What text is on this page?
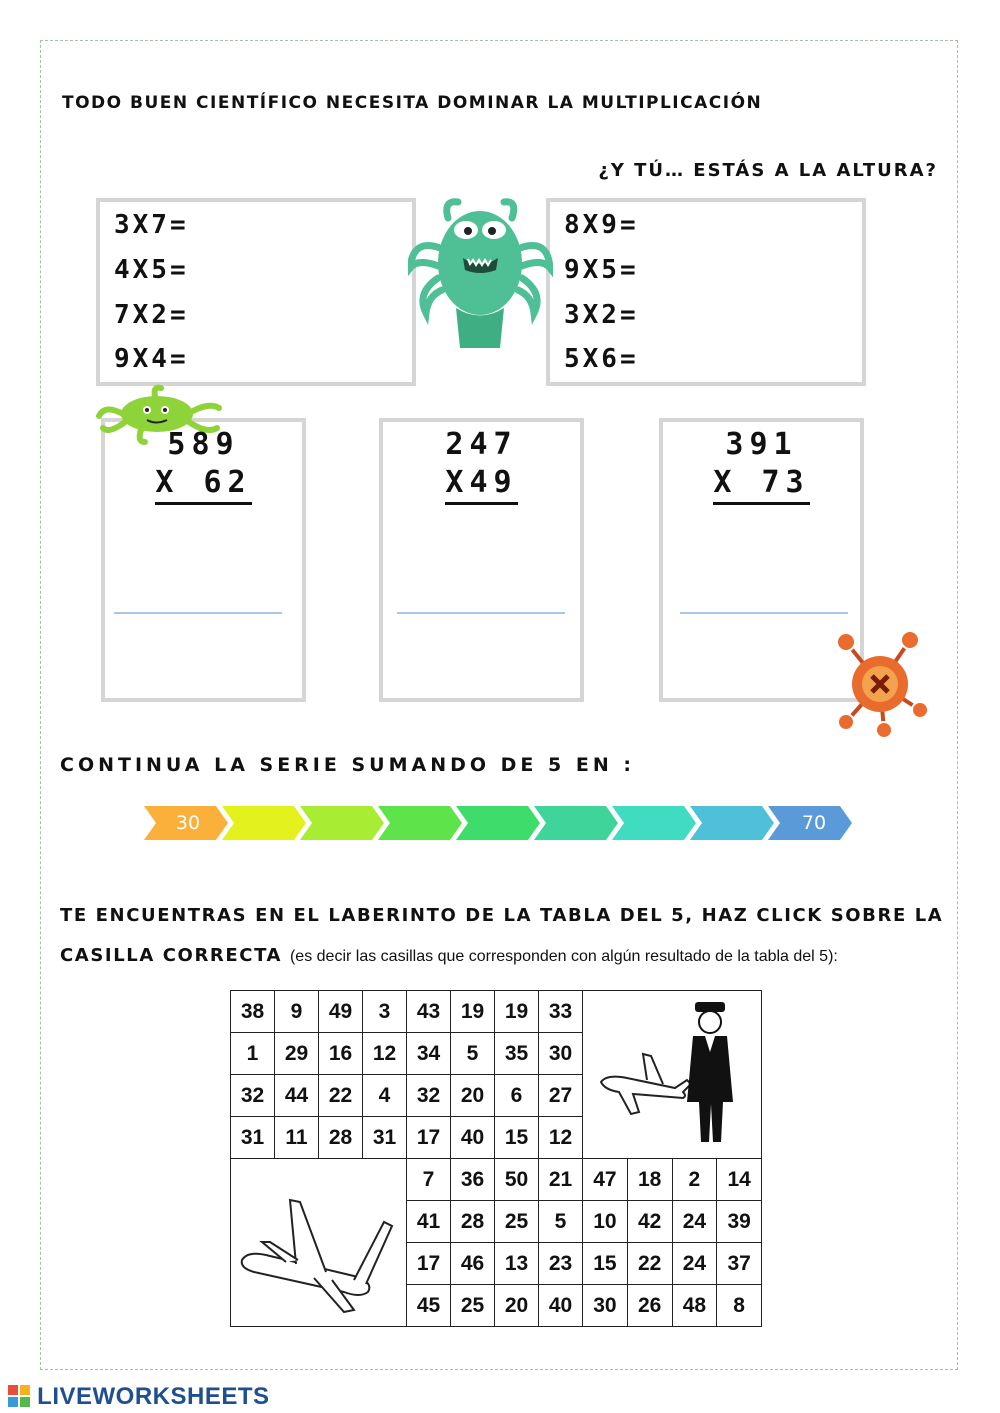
TODO BUEN CIENTÍFICO NECESITA DOMINAR LA MULTIPLICACIÓN
¿Y TÚ… ESTÁS A LA ALTURA?
3X7=
4X5=
7X2=
9X4=
8X9=
9X5=
3X2=
5X6=
589
X 62
247
X49
391
X 73
CONTINUA LA SERIE SUMANDO DE 5 EN :
30	70
TE ENCUENTRAS EN EL LABERINTO DE LA TABLA DEL 5, HAZ CLICK SOBRE LA
CASILLA CORRECTA (es decir las casillas que corresponden con algún resultado de la tabla del 5):
38	9	49	3	43	19	19	33	
1	29	16	12	34	5	35	30				
32	44	22	4	32	20	6	27				
31	11	28	31	17	40	15	12				
	7	36	50	21	47	18	2	14
				41	28	25	5	10	42	24	39
				17	46	13	23	15	22	24	37
				45	25	20	40	30	26	48	8
LIVEWORKSHEETS
